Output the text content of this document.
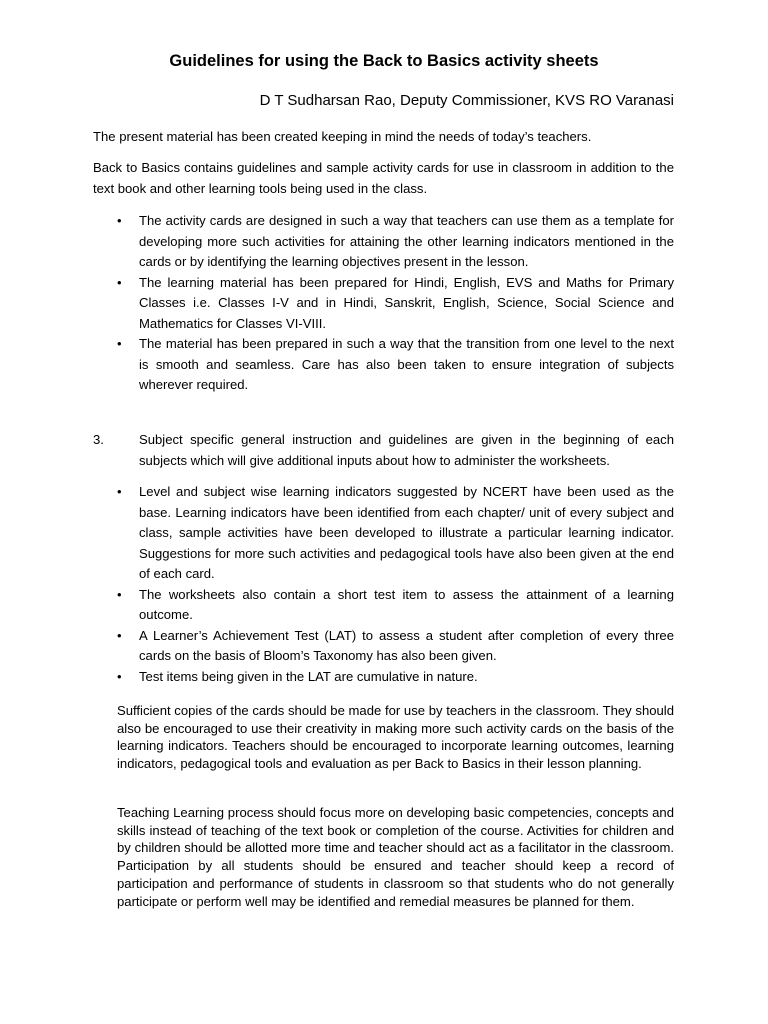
Guidelines for using the Back to Basics activity sheets

D T Sudharsan Rao, Deputy Commissioner, KVS RO Varanasi

The present material has been created keeping in mind the needs of today’s teachers.

Back to Basics contains guidelines and sample activity cards for use in classroom in addition to the text book and other learning tools being used in the class.

• The activity cards are designed in such a way that teachers can use them as a template for developing more such activities for attaining the other learning indicators mentioned in the cards or by identifying the learning objectives present in the lesson.
• The learning material has been prepared for Hindi, English, EVS and Maths for Primary Classes i.e. Classes I-V and in Hindi, Sanskrit, English, Science, Social Science and Mathematics for Classes VI-VIII.
• The material has been prepared in such a way that the transition from one level to the next is smooth and seamless. Care has also been taken to ensure integration of subjects wherever required.
3.	Subject specific general instruction and guidelines are given in the beginning of each subjects which will give additional inputs about how to administer the worksheets.
• Level and subject wise learning indicators suggested by NCERT have been used as the base. Learning indicators have been identified from each chapter/ unit of every subject and class, sample activities have been developed to illustrate a particular learning indicator. Suggestions for more such activities and pedagogical tools have also been given at the end of each card.
• The worksheets also contain a short test item to assess the attainment of a learning outcome.
• A Learner’s Achievement Test (LAT) to assess a student after completion of every three cards on the basis of Bloom’s Taxonomy has also been given.
• Test items being given in the LAT are cumulative in nature.

Sufficient copies of the cards should be made for use by teachers in the classroom. They should also be encouraged to use their creativity in making more such activity cards on the basis of the learning indicators. Teachers should be encouraged to incorporate learning outcomes, learning indicators, pedagogical tools and evaluation as per Back to Basics in their lesson planning.

Teaching Learning process should focus more on developing basic competencies, concepts and skills instead of teaching of the text book or completion of the course. Activities for children and by children should be allotted more time and teacher should act as a facilitator in the classroom. Participation by all students should be ensured and teacher should keep a record of participation and performance of students in classroom so that students who do not generally participate or perform well may be identified and remedial measures be planned for them.
